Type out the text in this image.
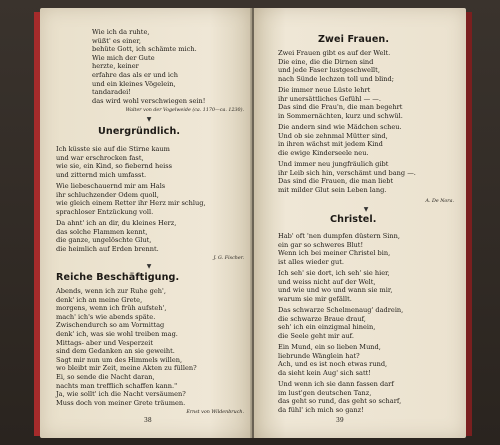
Wie ich da ruhte,
wüßt' es einer,
behüte Gott, ich schämte mich.
Wie mich der Gute
herzte, keiner
erfahre das als er und ich
und ein kleines Vögelein,
tandaradei!
das wird wohl verschwiegen sein!
Walter von der Vogelweide (ca. 1170—ca. 1230).
▼
Unergründlich.
Ich küsste sie auf die Stirne kaum
und war erschrocken fast,
wie sie, ein Kind, so fiebernd heiss
und zitternd mich umfasst.
Wie liebeschauernd mir am Hals
ihr schluchzender Odem quoll,
wie gleich einem Retter ihr Herz mir schlug,
sprachloser Entzückung voll.
Da ahnt' ich an dir, du kleines Herz,
das solche Flammen kennt,
die ganze, ungelöschte Glut,
die heimlich auf Erden brennt.
J. G. Fischer.
▼
Reiche Beschäftigung.
Abends, wenn ich zur Ruhe geh',
denk' ich an meine Grete,
morgens, wenn ich früh aufsteh',
mach' ich's wie abends späte.
Zwischendurch so am Vormittag
denk' ich, was sie wohl treiben mag.
Mittags- aber und Vesperzeit
sind dem Gedanken an sie geweiht.
Sagt mir nun um des Himmels willen,
wo bleibt mir Zeit, meine Akten zu füllen?
Ei, so sende die Nacht daran,
nachts man trefflich schaffen kann."
Ja, wie sollt' ich die Nacht versäumen?
Muss doch von meiner Grete träumen.
Ernst von Wildenbruch.
38
Zwei Frauen.
Zwei Frauen gibt es auf der Welt.
Die eine, die die Dirnen sind
und jede Faser lustgeschwellt,
nach Sünde lechzen toll und blind;
Die immer neue Lüste lehrt
ihr unersättliches Gefühl — —.
Das sind die Frau'n, die man begehrt
in Sommernächten, kurz und schwül.
Die andern sind wie Mädchen scheu.
Und ob sie zehnmal Mütter sind,
in ihren wächst mit jedem Kind
die ewige Kinderseele neu.
Und immer neu jungfräulich gibt
ihr Leib sich hin, verschämt und bang —.
Das sind die Frauen, die man liebt
mit milder Glut sein Leben lang.
A. De Nora.
▼
Christel.
Hab' oft 'nen dumpfen düstern Sinn,
ein gar so schweres Blut!
Wenn ich bei meiner Christel bin,
ist alles wieder gut.
Ich seh' sie dort, ich seh' sie hier,
und weiss nicht auf der Welt,
und wie und wo und wann sie mir,
warum sie mir gefällt.
Das schwarze Schelmenaug' dadrein,
die schwarze Braue drauf,
seh' ich ein einzigmal hinein,
die Seele geht mir auf.
Ein Mund, ein so lieben Mund,
liebrunde Wänglein hat?
Ach, und es ist noch etwas rund,
da sieht kein Aug' sich satt!
Und wenn ich sie dann fassen darf
im lust'gen deutschen Tanz,
das geht so rund, das geht so scharf,
da fühl' ich mich so ganz!
39
